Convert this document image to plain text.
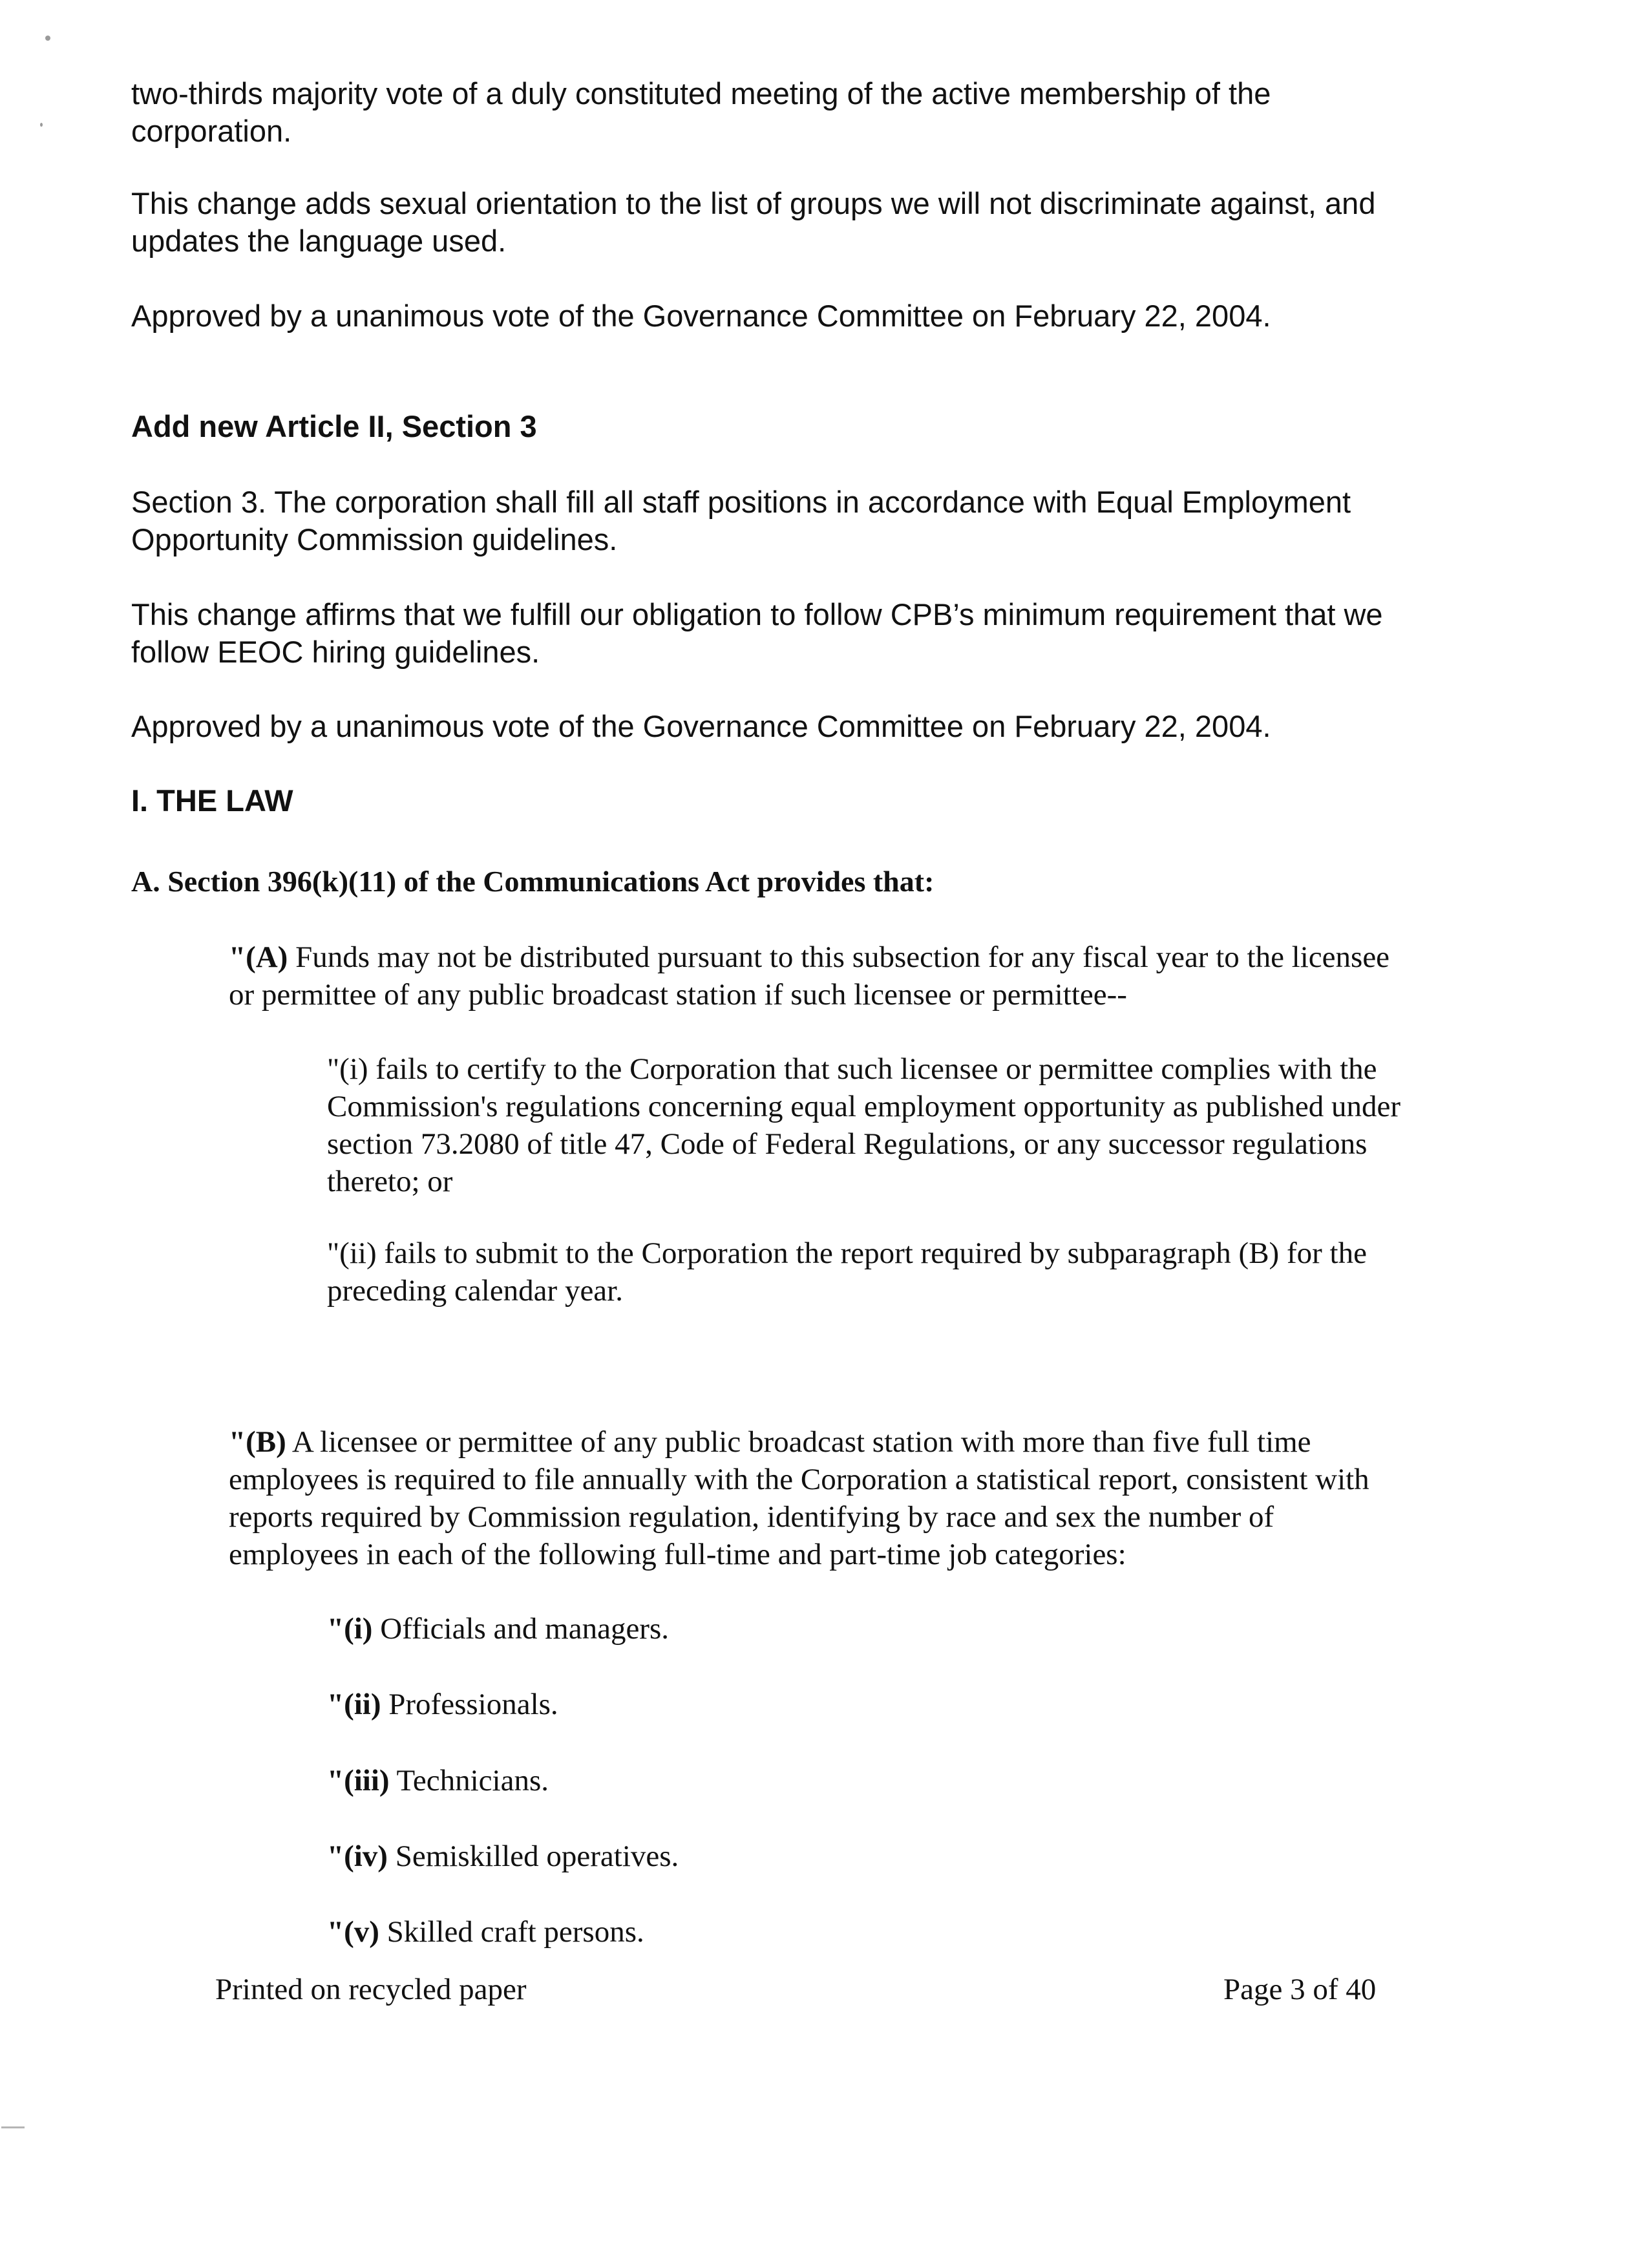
two-thirds majority vote of a duly constituted meeting of the active membership of the
corporation.

This change adds sexual orientation to the list of groups we will not discriminate against, and
updates the language used.

Approved by a unanimous vote of the Governance Committee on February 22, 2004.

Add new Article II, Section 3

Section 3. The corporation shall fill all staff positions in accordance with Equal Employment
Opportunity Commission guidelines.

This change affirms that we fulfill our obligation to follow CPB’s minimum requirement that we
follow EEOC hiring guidelines.

Approved by a unanimous vote of the Governance Committee on February 22, 2004.

I. THE LAW

A. Section 396(k)(11) of the Communications Act provides that:

"(A) Funds may not be distributed pursuant to this subsection for any fiscal year to the licensee
or permittee of any public broadcast station if such licensee or permittee--

"(i) fails to certify to the Corporation that such licensee or permittee complies with the
Commission's regulations concerning equal employment opportunity as published under
section 73.2080 of title 47, Code of Federal Regulations, or any successor regulations
thereto; or

"(ii) fails to submit to the Corporation the report required by subparagraph (B) for the
preceding calendar year.

"(B) A licensee or permittee of any public broadcast station with more than five full time
employees is required to file annually with the Corporation a statistical report, consistent with
reports required by Commission regulation, identifying by race and sex the number of
employees in each of the following full-time and part-time job categories:

"(i) Officials and managers.

"(ii) Professionals.

"(iii) Technicians.

"(iv) Semiskilled operatives.

"(v) Skilled craft persons.

Printed on recycled paper	Page 3 of 40
